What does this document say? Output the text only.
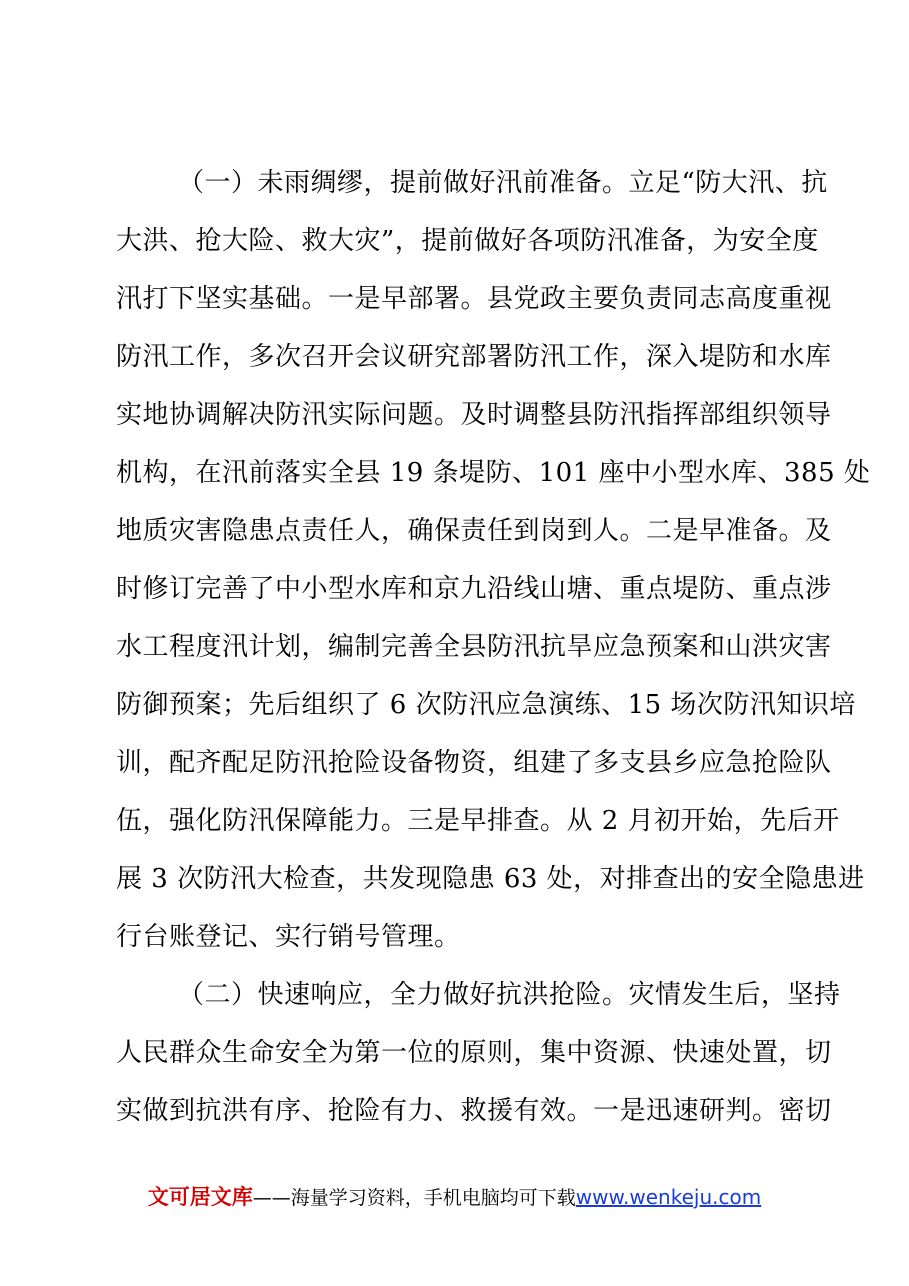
（一）未雨绸缪，提前做好汛前准备。立足“防大汛、抗
大洪、抢大险、救大灾”，提前做好各项防汛准备，为安全度
汛打下坚实基础。一是早部署。县党政主要负责同志高度重视
防汛工作，多次召开会议研究部署防汛工作，深入堤防和水库
实地协调解决防汛实际问题。及时调整县防汛指挥部组织领导
机构，在汛前落实全县 19 条堤防、101 座中小型水库、385 处
地质灾害隐患点责任人，确保责任到岗到人。二是早准备。及
时修订完善了中小型水库和京九沿线山塘、重点堤防、重点涉
水工程度汛计划，编制完善全县防汛抗旱应急预案和山洪灾害
防御预案；先后组织了 6 次防汛应急演练、15 场次防汛知识培
训，配齐配足防汛抢险设备物资，组建了多支县乡应急抢险队
伍，强化防汛保障能力。三是早排查。从 2 月初开始，先后开
展 3 次防汛大检查，共发现隐患 63 处，对排查出的安全隐患进
行台账登记、实行销号管理。
（二）快速响应，全力做好抗洪抢险。灾情发生后，坚持
人民群众生命安全为第一位的原则，集中资源、快速处置，切
实做到抗洪有序、抢险有力、救援有效。一是迅速研判。密切
文可居文库——海量学习资料，手机电脑均可下载www.wenkeju.com
